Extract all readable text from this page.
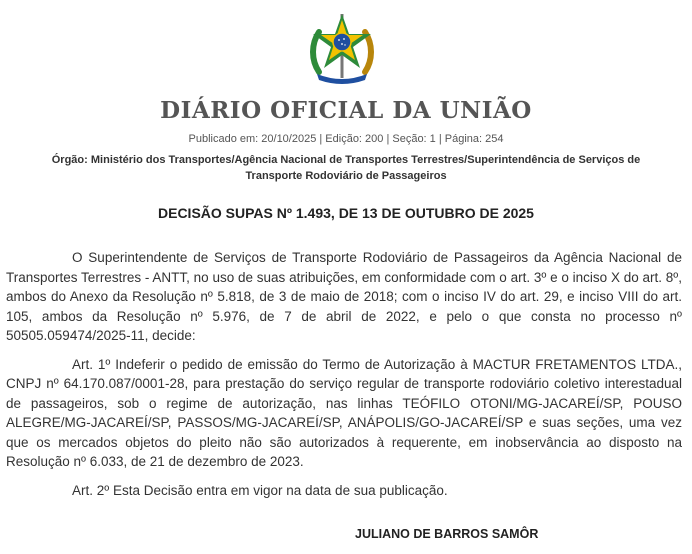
DIÁRIO OFICIAL DA UNIÃO
Publicado em: 20/10/2025 | Edição: 200 | Seção: 1 | Página: 254
Órgão: Ministério dos Transportes/Agência Nacional de Transportes Terrestres/Superintendência de Serviços de Transporte Rodoviário de Passageiros
DECISÃO SUPAS Nº 1.493, DE 13 DE OUTUBRO DE 2025

O Superintendente de Serviços de Transporte Rodoviário de Passageiros da Agência Nacional de Transportes Terrestres - ANTT, no uso de suas atribuições, em conformidade com o art. 3º e o inciso X do art. 8º, ambos do Anexo da Resolução nº 5.818, de 3 de maio de 2018; com o inciso IV do art. 29, e inciso VIII do art. 105, ambos da Resolução nº 5.976, de 7 de abril de 2022, e pelo o que consta no processo nº 50505.059474/2025-11, decide:

Art. 1º Indeferir o pedido de emissão do Termo de Autorização à MACTUR FRETAMENTOS LTDA., CNPJ nº 64.170.087/0001-28, para prestação do serviço regular de transporte rodoviário coletivo interestadual de passageiros, sob o regime de autorização, nas linhas TEÓFILO OTONI/MG-JACAREÍ/SP, POUSO ALEGRE/MG-JACAREÍ/SP, PASSOS/MG-JACAREÍ/SP, ANÁPOLIS/GO-JACAREÍ/SP e suas seções, uma vez que os mercados objetos do pleito não são autorizados à requerente, em inobservância ao disposto na Resolução nº 6.033, de 21 de dezembro de 2023.

Art. 2º Esta Decisão entra em vigor na data de sua publicação.

JULIANO DE BARROS SAMÔR
